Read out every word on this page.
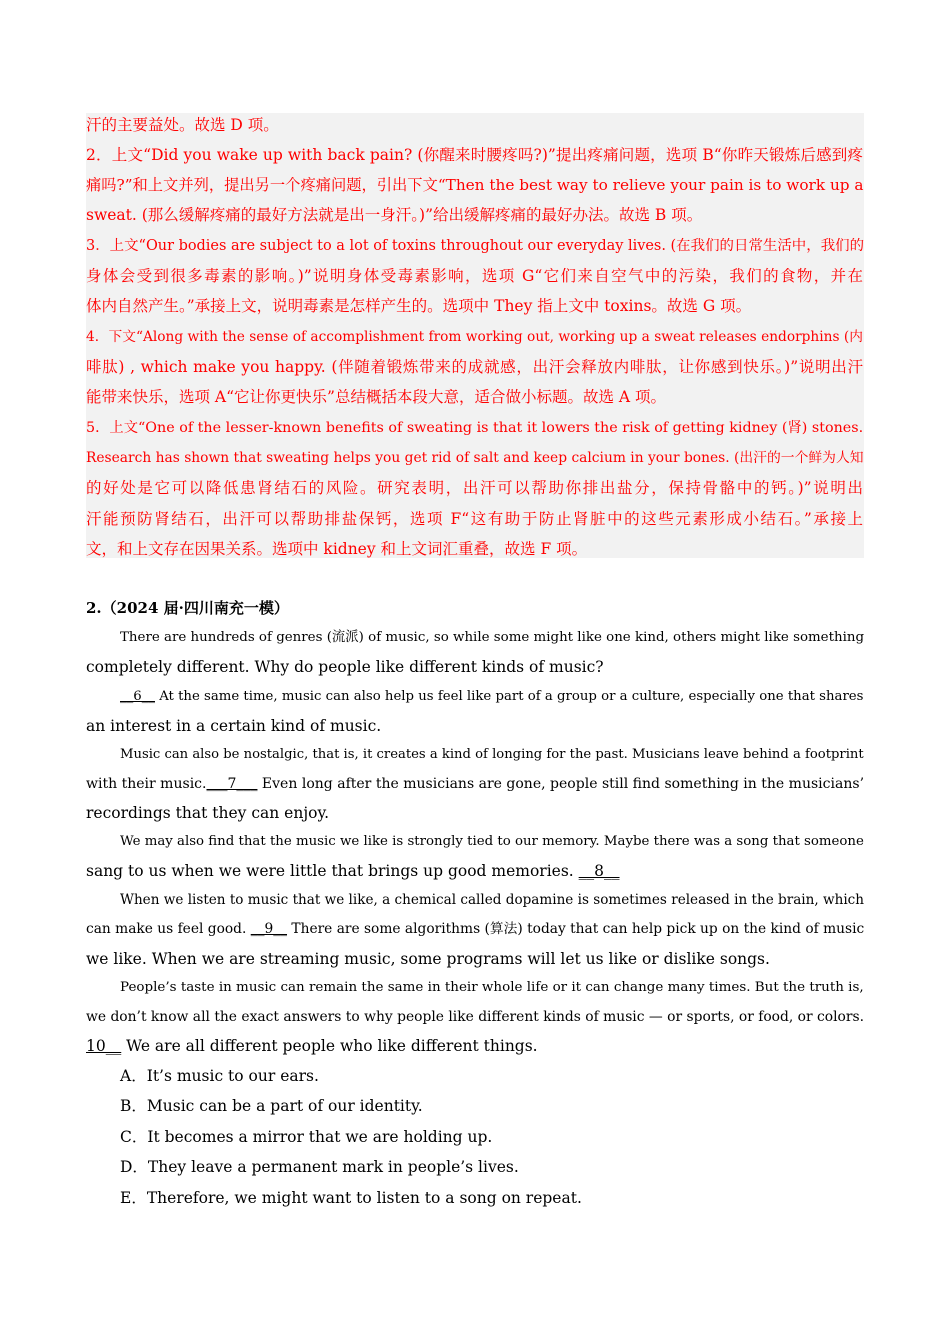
汗的主要益处。故选 D 项。
2．上文“Did you wake up with back pain? (你醒来时腰疼吗?)”提出疼痛问题，选项 B“你昨天锻炼后感到疼
痛吗?”和上文并列，提出另一个疼痛问题，引出下文“Then the best way to relieve your pain is to work up a
sweat. (那么缓解疼痛的最好方法就是出一身汗。)”给出缓解疼痛的最好办法。故选 B 项。
3．上文“Our bodies are subject to a lot of toxins throughout our everyday lives. (在我们的日常生活中，我们的
身体会受到很多毒素的影响。)”说明身体受毒素影响，选项 G“它们来自空气中的污染，我们的食物，并在
体内自然产生。”承接上文，说明毒素是怎样产生的。选项中 They 指上文中 toxins。故选 G 项。
4．下文“Along with the sense of accomplishment from working out, working up a sweat releases endorphins (内
啡肽) , which make you happy. (伴随着锻炼带来的成就感，出汗会释放内啡肽，让你感到快乐。)”说明出汗
能带来快乐，选项 A“它让你更快乐”总结概括本段大意，适合做小标题。故选 A 项。
5．上文“One of the lesser-known benefits of sweating is that it lowers the risk of getting kidney (肾) stones.
Research has shown that sweating helps you get rid of salt and keep calcium in your bones. (出汗的一个鲜为人知
的好处是它可以降低患肾结石的风险。研究表明，出汗可以帮助你排出盐分，保持骨骼中的钙。)”说明出
汗能预防肾结石，出汗可以帮助排盐保钙，选项 F“这有助于防止肾脏中的这些元素形成小结石。”承接上
文，和上文存在因果关系。选项中 kidney 和上文词汇重叠，故选 F 项。
2.（2024 届·四川南充一模）
There are hundreds of genres (流派) of music, so while some might like one kind, others might like something
completely different. Why do people like different kinds of music?
__6__ At the same time, music can also help us feel like part of a group or a culture, especially one that shares
an interest in a certain kind of music.
Music can also be nostalgic, that is, it creates a kind of longing for the past. Musicians leave behind a footprint
with their music.___7___ Even long after the musicians are gone, people still find something in the musicians’
recordings that they can enjoy.
We may also find that the music we like is strongly tied to our memory. Maybe there was a song that someone
sang to us when we were little that brings up good memories. __8__
When we listen to music that we like, a chemical called dopamine is sometimes released in the brain, which
can make us feel good. __9__ There are some algorithms (算法) today that can help pick up on the kind of music
we like. When we are streaming music, some programs will let us like or dislike songs.
People’s taste in music can remain the same in their whole life or it can change many times. But the truth is,
we don’t know all the exact answers to why people like different kinds of music — or sports, or food, or colors.
10__ We are all different people who like different things.
A．It’s music to our ears.
B．Music can be a part of our identity.
C．It becomes a mirror that we are holding up.
D．They leave a permanent mark in people’s lives.
E．Therefore, we might want to listen to a song on repeat.
